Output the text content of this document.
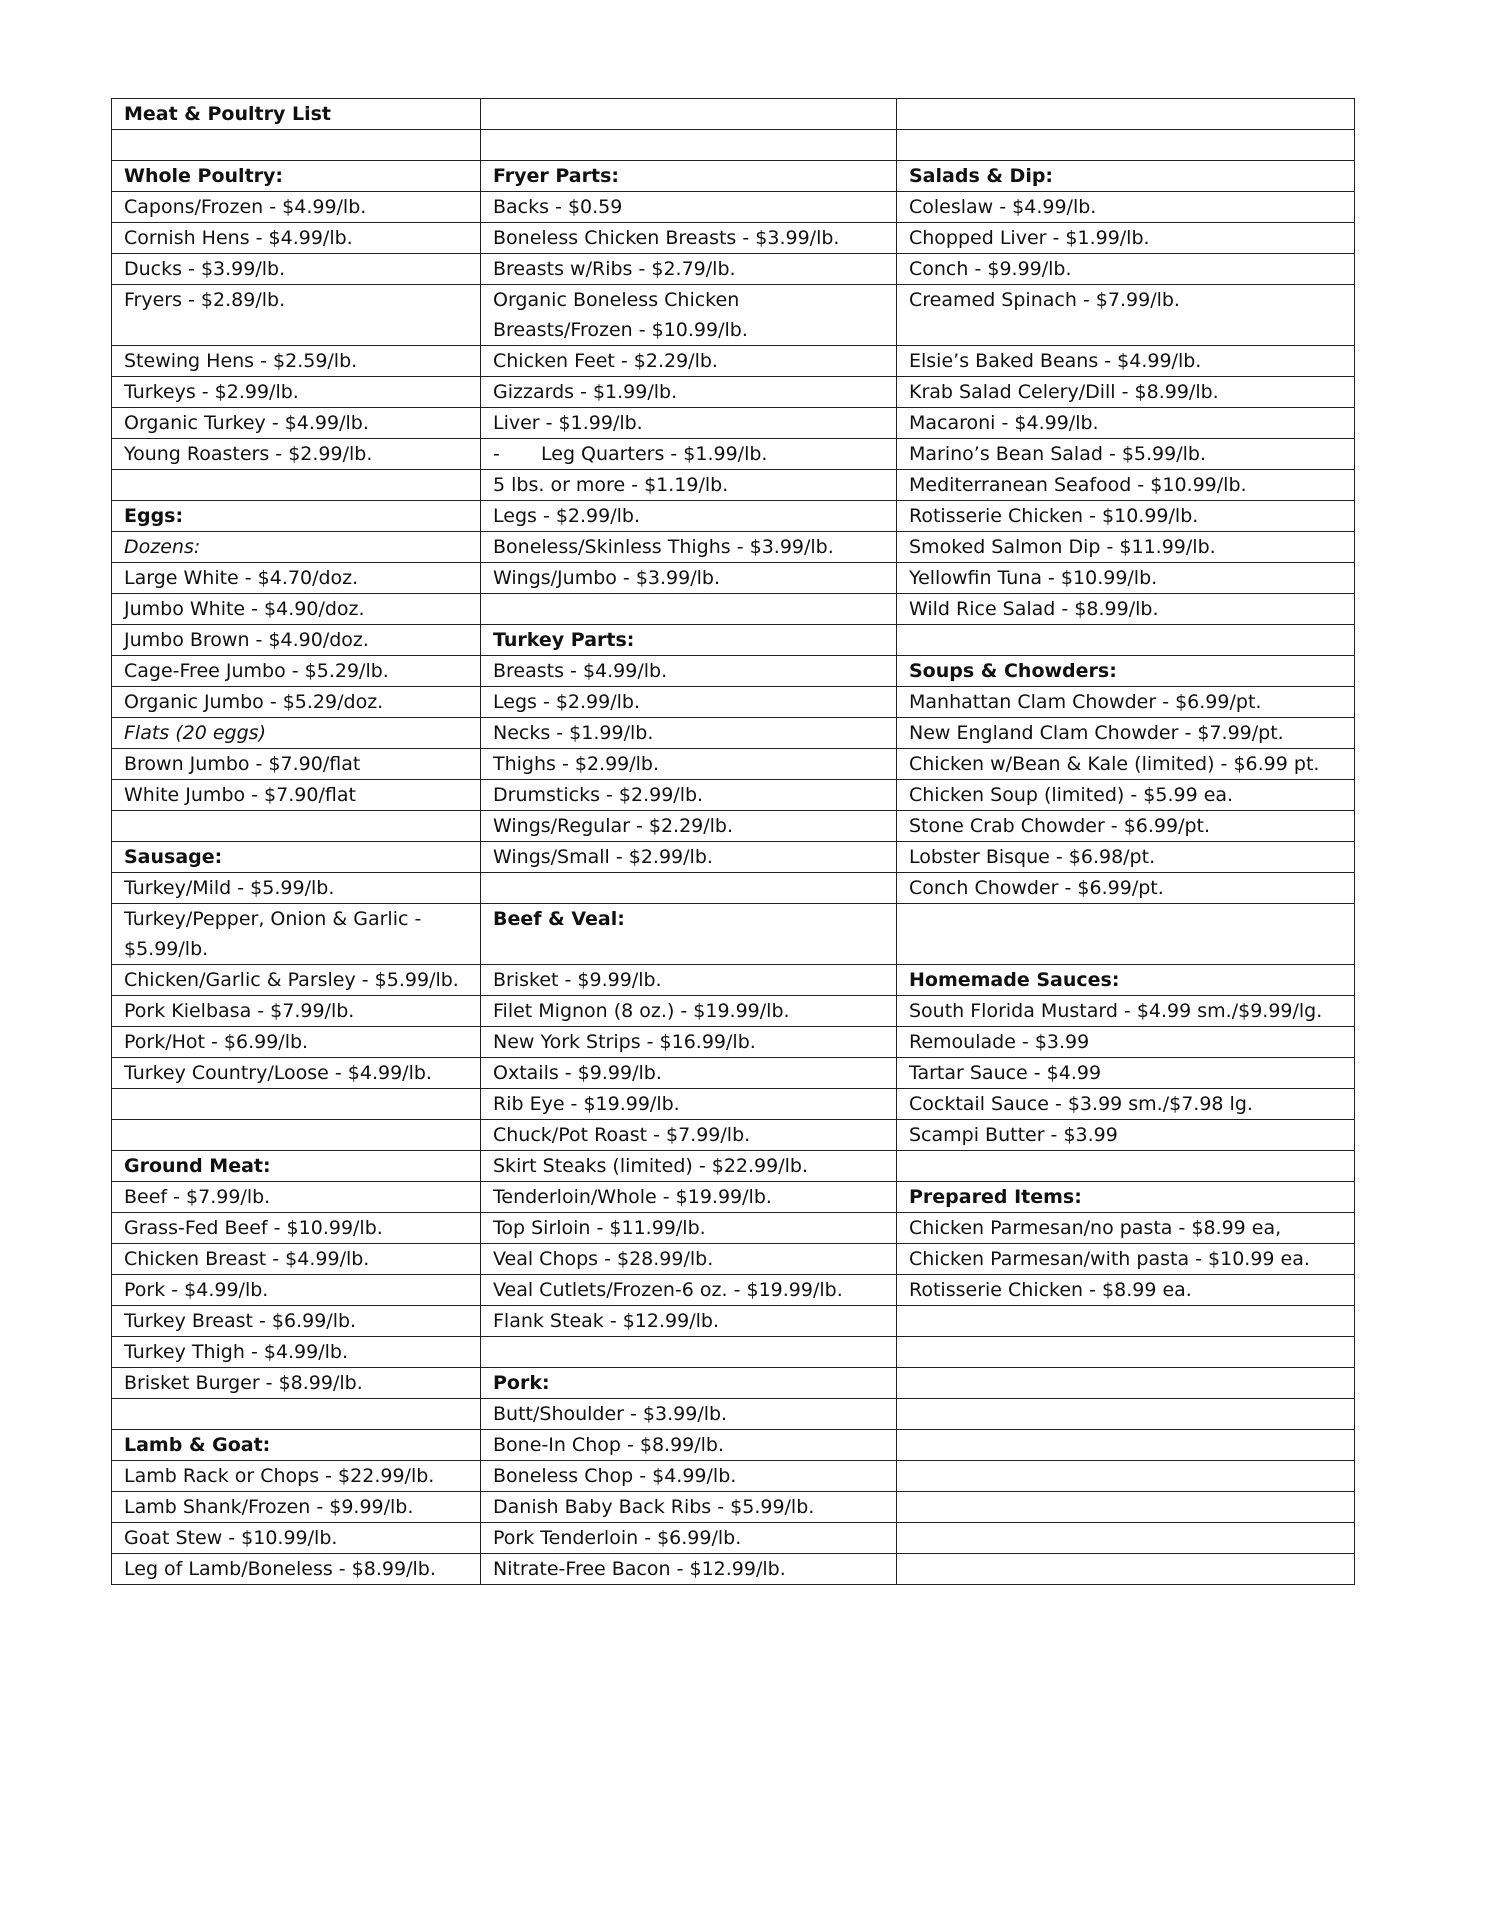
Meat & Poultry List		

Whole Poultry:	Fryer Parts:	Salads & Dip:
Capons/Frozen - $4.99/lb.	Backs - $0.59	Coleslaw - $4.99/lb.
Cornish Hens - $4.99/lb.	Boneless Chicken Breasts - $3.99/lb.	Chopped Liver - $1.99/lb.
Ducks - $3.99/lb.	Breasts w/Ribs - $2.79/lb.	Conch - $9.99/lb.
Fryers - $2.89/lb.	Organic Boneless Chicken Breasts/Frozen - $10.99/lb.	Creamed Spinach - $7.99/lb.
Stewing Hens - $2.59/lb.	Chicken Feet - $2.29/lb.	Elsie’s Baked Beans - $4.99/lb.
Turkeys - $2.99/lb.	Gizzards - $1.99/lb.	Krab Salad Celery/Dill - $8.99/lb.
Organic Turkey - $4.99/lb.	Liver - $1.99/lb.	Macaroni - $4.99/lb.
Young Roasters - $2.99/lb.	-Leg Quarters - $1.99/lb.	Marino’s Bean Salad - $5.99/lb.
	5 lbs. or more - $1.19/lb.	Mediterranean Seafood - $10.99/lb.
Eggs:	Legs - $2.99/lb.	Rotisserie Chicken - $10.99/lb.
Dozens:	Boneless/Skinless Thighs - $3.99/lb.	Smoked Salmon Dip - $11.99/lb.
Large White - $4.70/doz.	Wings/Jumbo - $3.99/lb.	Yellowfin Tuna - $10.99/lb.
Jumbo White - $4.90/doz.		Wild Rice Salad - $8.99/lb.
Jumbo Brown - $4.90/doz.	Turkey Parts:	
Cage-Free Jumbo - $5.29/lb.	Breasts - $4.99/lb.	Soups & Chowders:
Organic Jumbo - $5.29/doz.	Legs - $2.99/lb.	Manhattan Clam Chowder - $6.99/pt.
Flats (20 eggs)	Necks - $1.99/lb.	New England Clam Chowder - $7.99/pt.
Brown Jumbo - $7.90/flat	Thighs - $2.99/lb.	Chicken w/Bean & Kale (limited) - $6.99 pt.
White Jumbo - $7.90/flat	Drumsticks - $2.99/lb.	Chicken Soup (limited) - $5.99 ea.
	Wings/Regular - $2.29/lb.	Stone Crab Chowder - $6.99/pt.
Sausage:	Wings/Small - $2.99/lb.	Lobster Bisque - $6.98/pt.
Turkey/Mild - $5.99/lb.		Conch Chowder - $6.99/pt.
Turkey/Pepper, Onion & Garlic - $5.99/lb.	Beef & Veal:	
Chicken/Garlic & Parsley - $5.99/lb.	Brisket - $9.99/lb.	Homemade Sauces:
Pork Kielbasa - $7.99/lb.	Filet Mignon (8 oz.) - $19.99/lb.	South Florida Mustard - $4.99 sm./$9.99/lg.
Pork/Hot - $6.99/lb.	New York Strips - $16.99/lb.	Remoulade - $3.99
Turkey Country/Loose - $4.99/lb.	Oxtails - $9.99/lb.	Tartar Sauce - $4.99
	Rib Eye - $19.99/lb.	Cocktail Sauce - $3.99 sm./$7.98 lg.
	Chuck/Pot Roast - $7.99/lb.	Scampi Butter - $3.99
Ground Meat:	Skirt Steaks (limited) - $22.99/lb.	
Beef - $7.99/lb.	Tenderloin/Whole - $19.99/lb.	Prepared Items:
Grass-Fed Beef - $10.99/lb.	Top Sirloin - $11.99/lb.	Chicken Parmesan/no pasta - $8.99 ea,
Chicken Breast - $4.99/lb.	Veal Chops - $28.99/lb.	Chicken Parmesan/with pasta - $10.99 ea.
Pork - $4.99/lb.	Veal Cutlets/Frozen-6 oz. - $19.99/lb.	Rotisserie Chicken - $8.99 ea.
Turkey Breast - $6.99/lb.	Flank Steak - $12.99/lb.	
Turkey Thigh - $4.99/lb.		
Brisket Burger - $8.99/lb.	Pork:	
	Butt/Shoulder - $3.99/lb.	
Lamb & Goat:	Bone-In Chop - $8.99/lb.	
Lamb Rack or Chops - $22.99/lb.	Boneless Chop - $4.99/lb.	
Lamb Shank/Frozen - $9.99/lb.	Danish Baby Back Ribs - $5.99/lb.	
Goat Stew - $10.99/lb.	Pork Tenderloin - $6.99/lb.	
Leg of Lamb/Boneless - $8.99/lb.	Nitrate-Free Bacon - $12.99/lb.	
